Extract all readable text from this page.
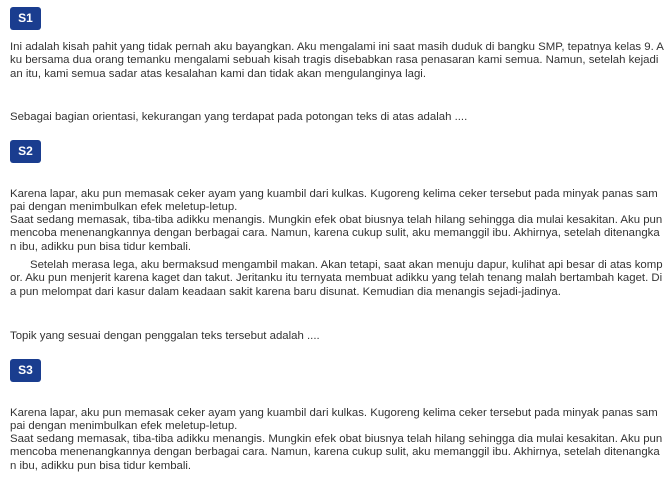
S1

Ini adalah kisah pahit yang tidak pernah aku bayangkan. Aku mengalami ini saat masih duduk di bangku SMP, tepatnya kelas 9. Aku bersama dua orang temanku mengalami sebuah kisah tragis disebabkan rasa penasaran kami semua. Namun, setelah kejadian itu, kami semua sadar atas kesalahan kami dan tidak akan mengulanginya lagi.

Sebagai bagian orientasi, kekurangan yang terdapat pada potongan teks di atas adalah ....

S2

Karena lapar, aku pun memasak ceker ayam yang kuambil dari kulkas. Kugoreng kelima ceker tersebut pada minyak panas sampai dengan menimbulkan efek meletup-letup.

Saat sedang memasak, tiba-tiba adikku menangis. Mungkin efek obat biusnya telah hilang sehingga dia mulai kesakitan. Aku pun mencoba menenangkannya dengan berbagai cara. Namun, karena cukup sulit, aku memanggil ibu. Akhirnya, setelah ditenangkan ibu, adikku pun bisa tidur kembali.

Setelah merasa lega, aku bermaksud mengambil makan. Akan tetapi, saat akan menuju dapur, kulihat api besar di atas kompor. Aku pun menjerit karena kaget dan takut. Jeritanku itu ternyata membuat adikku yang telah tenang malah bertambah kaget. Dia pun melompat dari kasur dalam keadaan sakit karena baru disunat. Kemudian dia menangis sejadi-jadinya.

Topik yang sesuai dengan penggalan teks tersebut adalah ....

S3

Karena lapar, aku pun memasak ceker ayam yang kuambil dari kulkas. Kugoreng kelima ceker tersebut pada minyak panas sampai dengan menimbulkan efek meletup-letup.

Saat sedang memasak, tiba-tiba adikku menangis. Mungkin efek obat biusnya telah hilang sehingga dia mulai kesakitan. Aku pun mencoba menenangkannya dengan berbagai cara. Namun, karena cukup sulit, aku memanggil ibu. Akhirnya, setelah ditenangkan ibu, adikku pun bisa tidur kembali.
